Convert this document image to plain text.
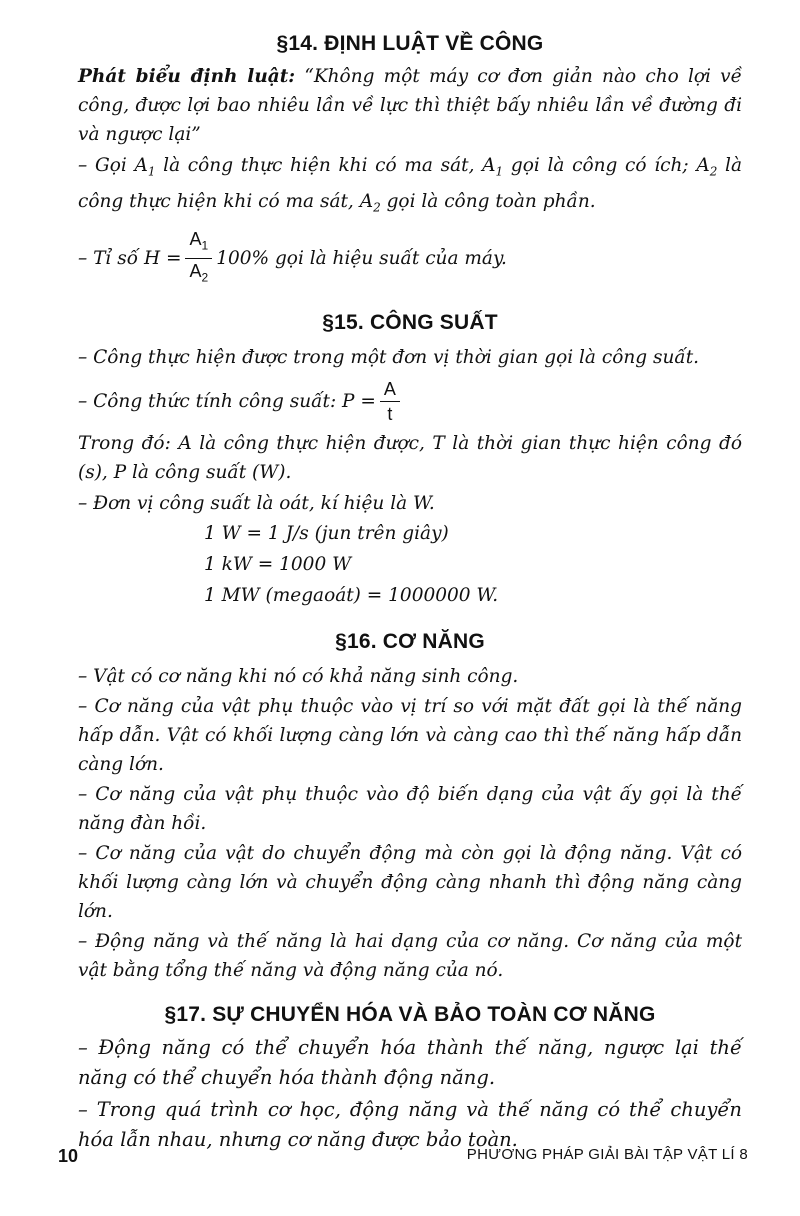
§14. ĐỊNH LUẬT VỀ CÔNG

Phát biểu định luật: “Không một máy cơ đơn giản nào cho lợi về công, được lợi bao nhiêu lần về lực thì thiệt bấy nhiêu lần về đường đi và ngược lại”

– Gọi $A_1$ là công thực hiện khi có ma sát, $A_1$ gọi là công có ích; $A_2$ là công thực hiện khi có ma sát, $A_2$ gọi là công toàn phần.

– Tỉ số $H = \frac{A_1}{A_2} 100\%$ gọi là hiệu suất của máy.
§15. CÔNG SUẤT

– Công thực hiện được trong một đơn vị thời gian gọi là công suất.

– Công thức tính công suất: $P = \frac{A}{t}$

Trong đó: A là công thực hiện được, T là thời gian thực hiện công đó (s), P là công suất (W).

– Đơn vị công suất là oát, kí hiệu là W.

1 W = 1 J/s (jun trên giây)

1 kW = 1000 W

1 MW (megaoát) = 1000000 W.

§16. CƠ NĂNG

– Vật có cơ năng khi nó có khả năng sinh công.

– Cơ năng của vật phụ thuộc vào vị trí so với mặt đất gọi là thế năng hấp dẫn. Vật có khối lượng càng lớn và càng cao thì thế năng hấp dẫn càng lớn.

– Cơ năng của vật phụ thuộc vào độ biến dạng của vật ấy gọi là thế năng đàn hồi.

– Cơ năng của vật do chuyển động mà còn gọi là động năng. Vật có khối lượng càng lớn và chuyển động càng nhanh thì động năng càng lớn.

– Động năng và thế năng là hai dạng của cơ năng. Cơ năng của một vật bằng tổng thế năng và động năng của nó.

§17. SỰ CHUYỂN HÓA VÀ BẢO TOÀN CƠ NĂNG

– Động năng có thể chuyển hóa thành thế năng, ngược lại thế năng có thể chuyển hóa thành động năng.

– Trong quá trình cơ học, động năng và thế năng có thể chuyển hóa lẫn nhau, nhưng cơ năng được bảo toàn.

10	PHƯƠNG PHÁP GIẢI BÀI TẬP VẬT LÍ 8
